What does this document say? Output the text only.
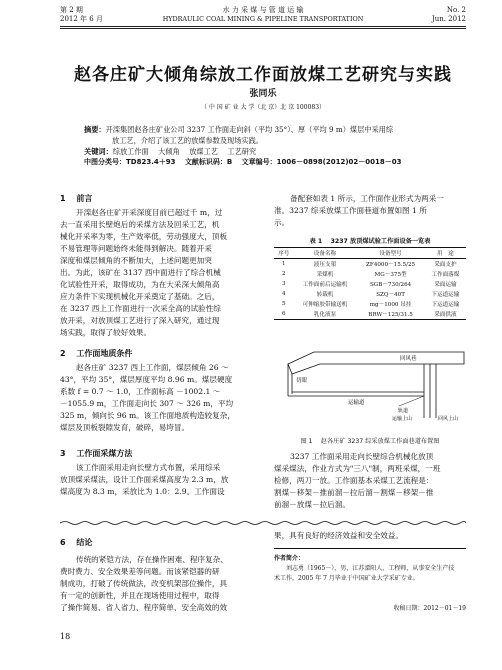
第 2 期
2012 年 6 月
水 力 采 煤 与 管 道 运 输
HYDRAULIC COAL MINING & PIPELINE TRANSPORTATION
No. 2
Jun. 2012
赵各庄矿大倾角综放工作面放煤工艺研究与实践
张同乐
（ 中 国 矿 业 大 学（北 京）北 京 100083）
摘要：开滦集团赵各庄矿业公司 3237 工作面走向斜（平均 35°）、厚（平均 9 m）煤层中采用综
放工艺，介绍了该工艺的放煤参数及现场实践。
关键词：综放工作面　 大倾角　 放煤工艺　 工艺研究
中图分类号：TD823.4＋93　 文献标识码：B　 文章编号：1006－0898(2012)02－0018－03
1　 前言
开滦赵各庄矿开采深度目前已超过千 m，过
去一直采用长壁炮后的采煤方法及回采工艺，机
械化开采率为零，生产效率低，劳动强度大，顶板
不易管理等问题始终未能得到解决。随着开采
深度和煤层倾角的不断加大，上述问题更加突
出。为此，该矿在 3137 西中面进行了综合机械
化试验性开采，取得成功，为在大采深大倾角高
应力条件下实现机械化开采奠定了基础。之后，
在 3237 西上工作面进行一次采全高的试验性综
放开采，对放顶煤工艺进行了深入研究，通过现
场实践，取得了较好效果。
2　 工作面地质条件
赵各庄矿 3237 西上工作面，煤层倾角 26 ～
43°，平均 35°，煤层厚度平均 8.96 m。煤层硬度
系数 f = 0.7 ～ 1.0，工作面标高 －1002.1 ～
－1055.9 m，工作面走向长 307 ～ 326 m，平均
325 m，倾向长 96 m。该工作面地质构造较复杂，
煤层及顶板裂隙发育，破碎，易垮冒。
3　 工作面采煤方法
该工作面采用走向长壁方式布置，采用综采
放顶煤采煤法，设计工作面采煤高度为 2.3 m，放
煤高度为 8.3 m，采放比为 1.0：2.9。工作面设
备配套如表 1 所示，工作面作业形式为两采一
准。3237 综采放煤工作面巷道布置如图 1 所
示。
表 1　 3237 放顶煤试验工作面设备一览表
序号	设备名称	设备型号	用　途
1	液压支架	ZF4000－15.5/25	采面支护
2	采煤机	MG－375型	工作面落煤
3	工作面前后运输机	SGB－730/264	采面运输
4	转载机	SZQ－40T	下运道运输
5	可伸缩胶带输送机	mg－1000 吊挂	下运道运输
6	乳化液泵	BRW－125/31.5	采面供液
回风巷
切眼
运输道
轨道
运输上山	回风上山
图 1　 赵各庄矿 3237 综采放煤工作面巷道布置图
3237 工作面采用走向长壁综合机械化放顶
煤采煤法，作业方式为"三八"制，两班采煤，一班
检修，两刀一放。工作面基本采煤工艺流程是：
割煤－移架－推前溜－拉后溜－割煤－移架－推
前溜－放煤－拉后溜。
6　 结论
传统的紧铠方法，存在操作困难、程序复杂、
费时费力、安全效果差等问题。而该紧铠器的研
制成功，打破了传统做法，改变机架部位操作，具
有一定的创新性，并且在现场使用过程中，取得
了操作简易、省人省力、程序简单、安全高效的效
果，具有良好的经济效益和安全效益。
作者简介：
刘志勇（1965－），男，江苏溧阳人，工程师，从事安全生产技
术工作，2005 年 7 月毕业于中国矿业大学采矿专业。
收稿日期：2012－01－19
18
